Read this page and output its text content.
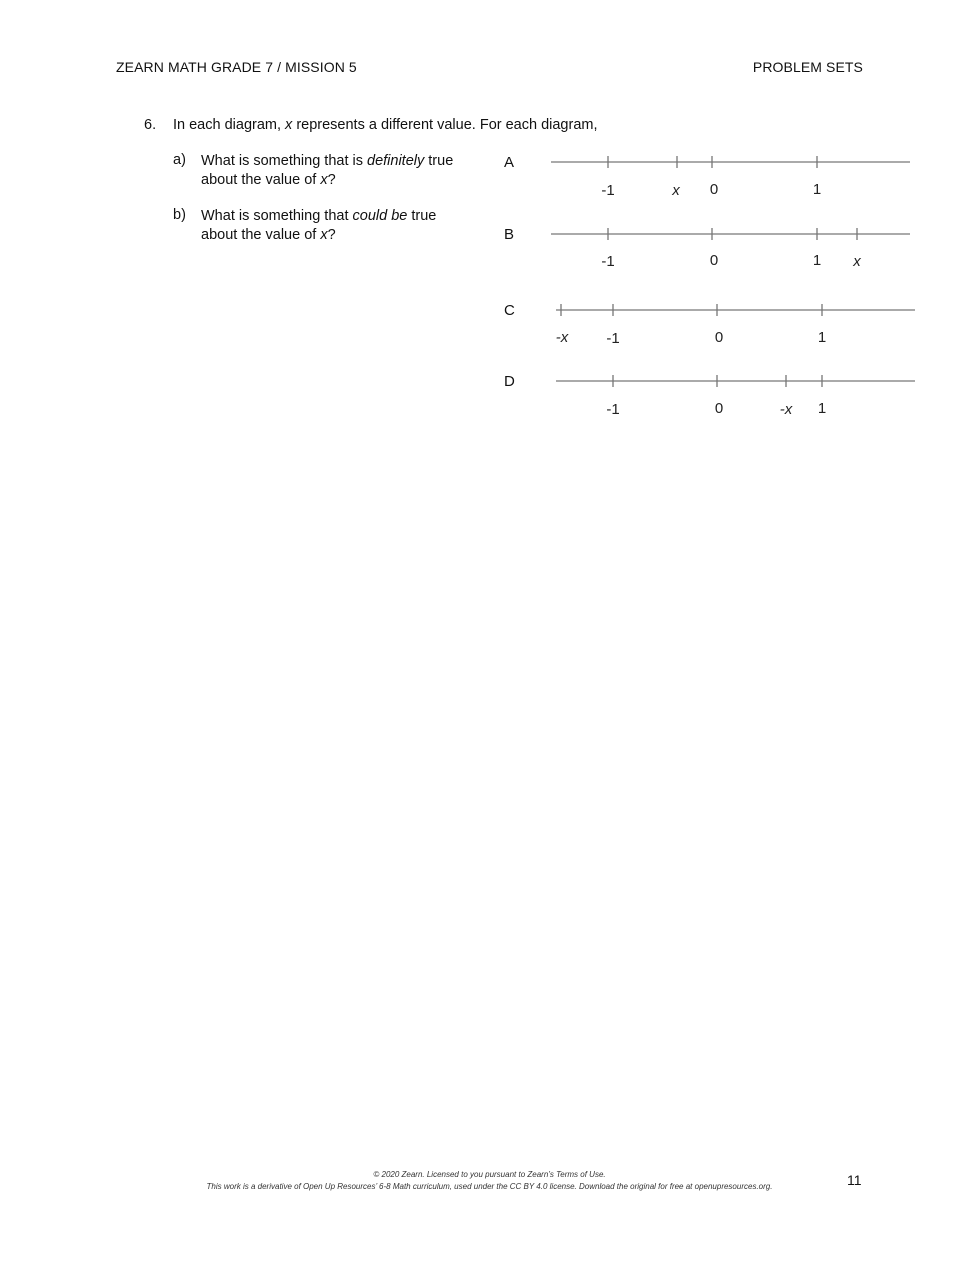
ZEARN MATH GRADE 7 / MISSION 5	PROBLEM SETS
6. In each diagram, x represents a different value. For each diagram,
a) What is something that is definitely true
about the value of x?
b) What is something that could be true
about the value of x?
A
B
C
D
-1	x 0	1
-1	0	1 x
-x	-1	0	1
-1	0	-x 1
© 2020 Zearn. Licensed to you pursuant to Zearn’s Terms of Use.
This work is a derivative of Open Up Resources’ 6-8 Math curriculum, used under the CC BY 4.0 license. Download the original for free at openupresources.org.	11
